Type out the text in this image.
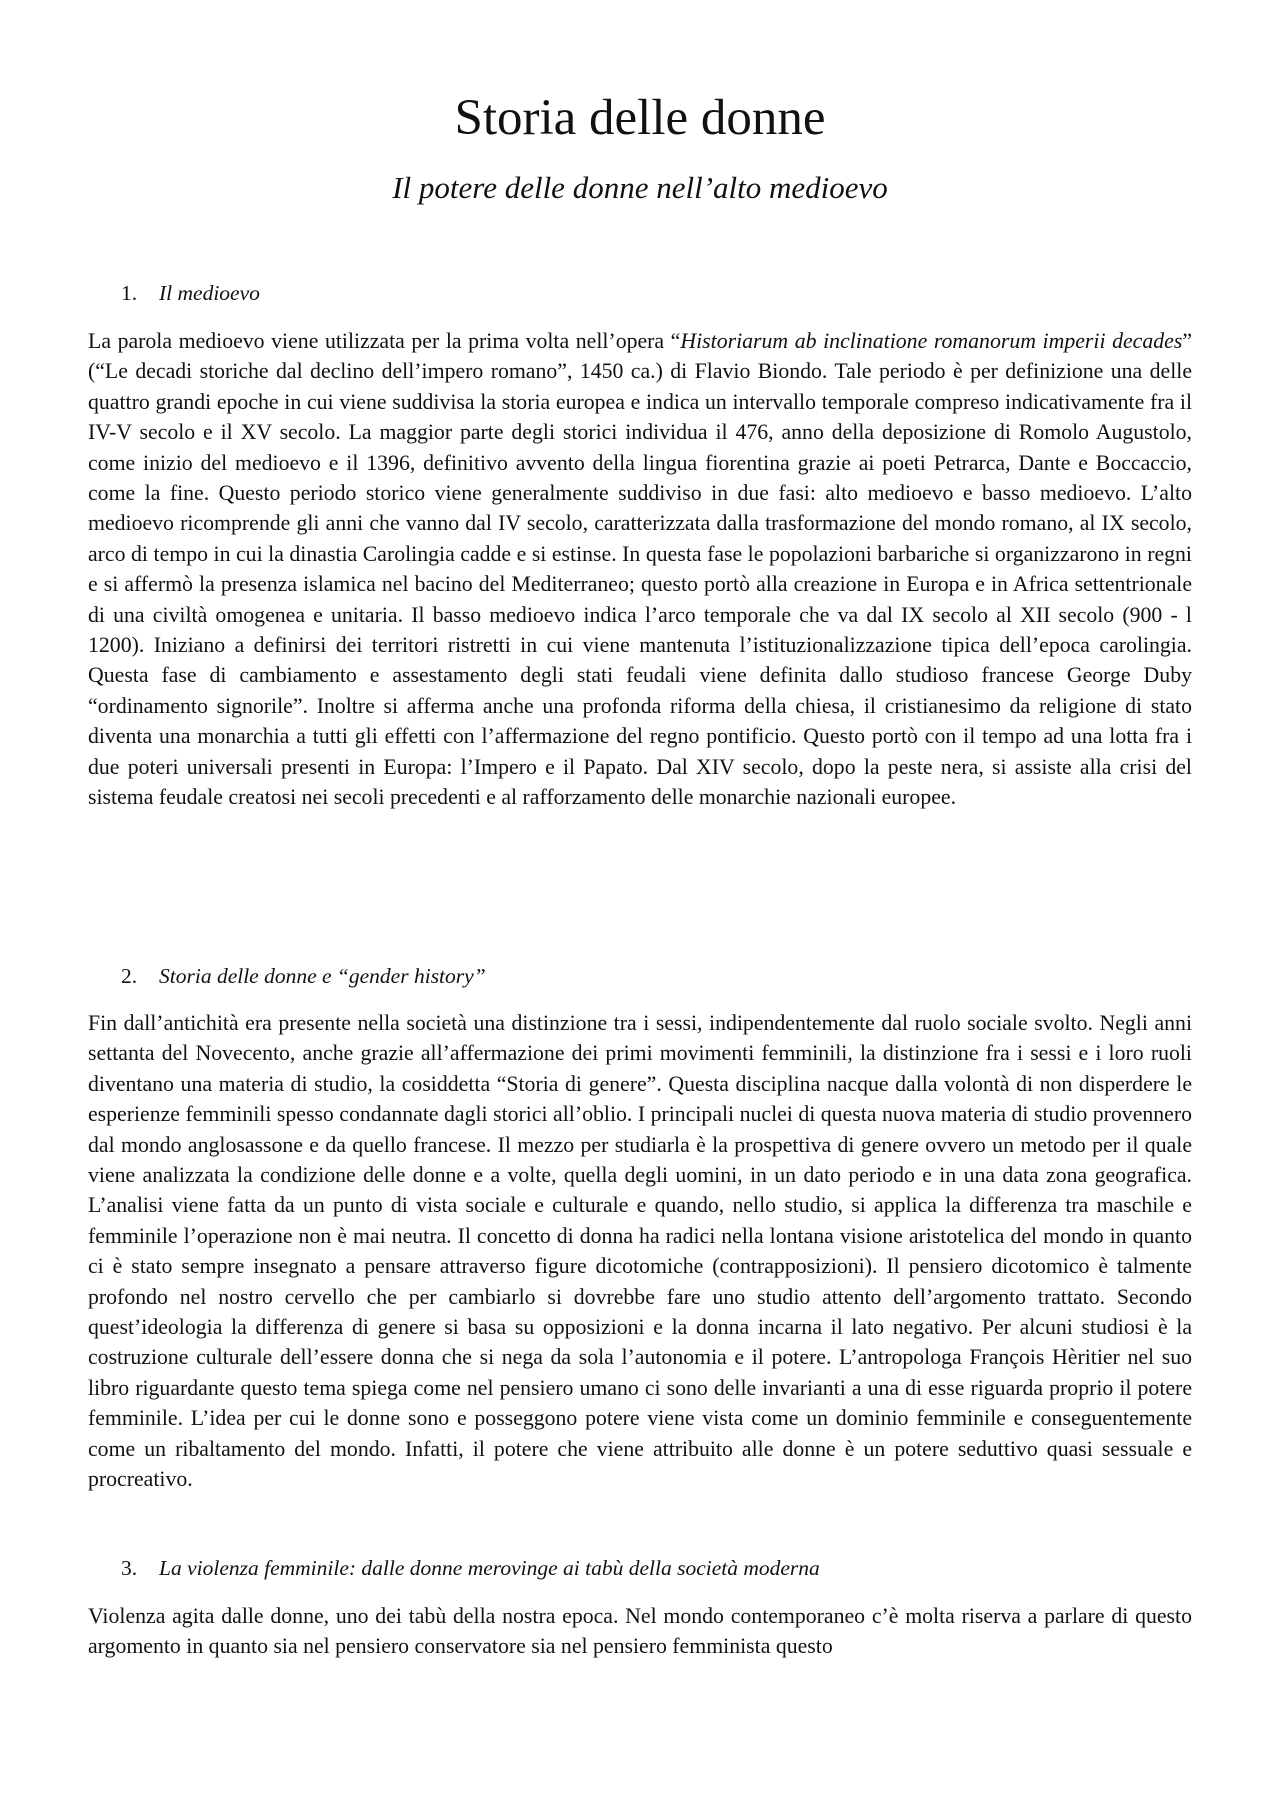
Storia delle donne
Il potere delle donne nell’alto medioevo
1. Il medioevo

La parola medioevo viene utilizzata per la prima volta nell’opera “Historiarum ab inclinatione romanorum imperii decades” (“Le decadi storiche dal declino dell’impero romano”, 1450 ca.) di Flavio Biondo. Tale periodo è per definizione una delle quattro grandi epoche in cui viene suddivisa la storia europea e indica un intervallo temporale compreso indicativamente fra il IV-V secolo e il XV secolo. La maggior parte degli storici individua il 476, anno della deposizione di Romolo Augustolo, come inizio del medioevo e il 1396, definitivo avvento della lingua fiorentina grazie ai poeti Petrarca, Dante e Boccaccio, come la fine. Questo periodo storico viene generalmente suddiviso in due fasi: alto medioevo e basso medioevo. L’alto medioevo ricomprende gli anni che vanno dal IV secolo, caratterizzata dalla trasformazione del mondo romano, al IX secolo, arco di tempo in cui la dinastia Carolingia cadde e si estinse. In questa fase le popolazioni barbariche si organizzarono in regni e si affermò la presenza islamica nel bacino del Mediterraneo; questo portò alla creazione in Europa e in Africa settentrionale di una civiltà omogenea e unitaria. Il basso medioevo indica l’arco temporale che va dal IX secolo al XII secolo (900 - l 1200). Iniziano a definirsi dei territori ristretti in cui viene mantenuta l’istituzionalizzazione tipica dell’epoca carolingia. Questa fase di cambiamento e assestamento degli stati feudali viene definita dallo studioso francese George Duby “ordinamento signorile”. Inoltre si afferma anche una profonda riforma della chiesa, il cristianesimo da religione di stato diventa una monarchia a tutti gli effetti con l’affermazione del regno pontificio. Questo portò con il tempo ad una lotta fra i due poteri universali presenti in Europa: l’Impero e il Papato. Dal XIV secolo, dopo la peste nera, si assiste alla crisi del sistema feudale creatosi nei secoli precedenti e al rafforzamento delle monarchie nazionali europee.

2. Storia delle donne e “gender history”

Fin dall’antichità era presente nella società una distinzione tra i sessi, indipendentemente dal ruolo sociale svolto. Negli anni settanta del Novecento, anche grazie all’affermazione dei primi movimenti femminili, la distinzione fra i sessi e i loro ruoli diventano una materia di studio, la cosiddetta “Storia di genere”. Questa disciplina nacque dalla volontà di non disperdere le esperienze femminili spesso condannate dagli storici all’oblio. I principali nuclei di questa nuova materia di studio provennero dal mondo anglosassone e da quello francese. Il mezzo per studiarla è la prospettiva di genere ovvero un metodo per il quale viene analizzata la condizione delle donne e a volte, quella degli uomini, in un dato periodo e in una data zona geografica. L’analisi viene fatta da un punto di vista sociale e culturale e quando, nello studio, si applica la differenza tra maschile e femminile l’operazione non è mai neutra. Il concetto di donna ha radici nella lontana visione aristotelica del mondo in quanto ci è stato sempre insegnato a pensare attraverso figure dicotomiche (contrapposizioni). Il pensiero dicotomico è talmente profondo nel nostro cervello che per cambiarlo si dovrebbe fare uno studio attento dell’argomento trattato. Secondo quest’ideologia la differenza di genere si basa su opposizioni e la donna incarna il lato negativo. Per alcuni studiosi è la costruzione culturale dell’essere donna che si nega da sola l’autonomia e il potere. L’antropologa François Hèritier nel suo libro riguardante questo tema spiega come nel pensiero umano ci sono delle invarianti a una di esse riguarda proprio il potere femminile. L’idea per cui le donne sono e posseggono potere viene vista come un dominio femminile e conseguentemente come un ribaltamento del mondo. Infatti, il potere che viene attribuito alle donne è un potere seduttivo quasi sessuale e procreativo.

3. La violenza femminile: dalle donne merovinge ai tabù della società moderna

Violenza agita dalle donne, uno dei tabù della nostra epoca. Nel mondo contemporaneo c’è molta riserva a parlare di questo argomento in quanto sia nel pensiero conservatore sia nel pensiero femminista questo
